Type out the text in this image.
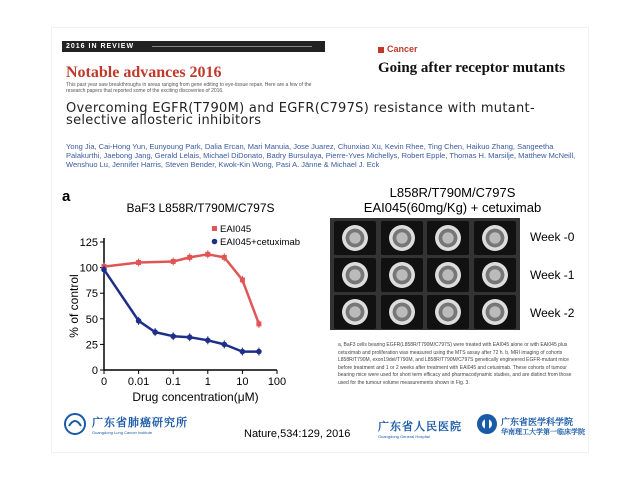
2016 IN REVIEW
Notable advances 2016
This past year saw breakthroughs in areas ranging from gene editing to eye-tissue repair. Here are a few of the research papers that reported some of the exciting discoveries of 2016.
Cancer
Going after receptor mutants
Overcoming EGFR(T790M) and EGFR(C797S) resistance with mutant-selective allosteric inhibitors
Yong Jia, Cai-Hong Yun, Eunyoung Park, Dalia Ercan, Mari Manuia, Jose Juarez, Chunxiao Xu, Kevin Rhee, Ting Chen, Haikuo Zhang, Sangeetha Palakurthi, Jaebong Jang, Gerald Lelais, Michael DiDonato, Badry Bursulaya, Pierre-Yves Michellys, Robert Epple, Thomas H. Marsilje, Matthew McNeill, Wenshuo Lu, Jennifer Harris, Steven Bender, Kwok-Kin Wong, Pasi A. Jänne & Michael J. Eck
a
BaF3 L858R/T790M/C797S
0
25
50
75
100
125
0 0.01 0.1 1 10 100
Drug concentration(μM)
% of control
EAI045
EAI045+cetuximab
L858R/T790M/C797S
EAI045(60mg/Kg) + cetuximab
Week -0
Week -1
Week -2
a, BaF3 cells bearing EGFR(L858R/T790M/C797S) were treated with EAI045 alone or with EAI045 plus cetuximab and proliferation was measured using the MTS assay after 72 h. b, MRI imaging of cohorts L858R/T790M, exon19del/T790M, and L858R/T790M/C797S genetically engineered EGFR-mutant mice before treatment and 1 or 2 weeks after treatment with EAI045 and cetuximab. These cohorts of tumour bearing mice were used for short term efficacy and pharmacodynamic studies, and are distinct from those used for the tumour volume measurements shown in Fig. 3.
广东省肺癌研究所
Guangdong Lung Cancer Institute	Nature,534:129, 2016
广东省人民医院
Guangdong General Hospital
广东省医学科学院
华南理工大学第一临床学院
